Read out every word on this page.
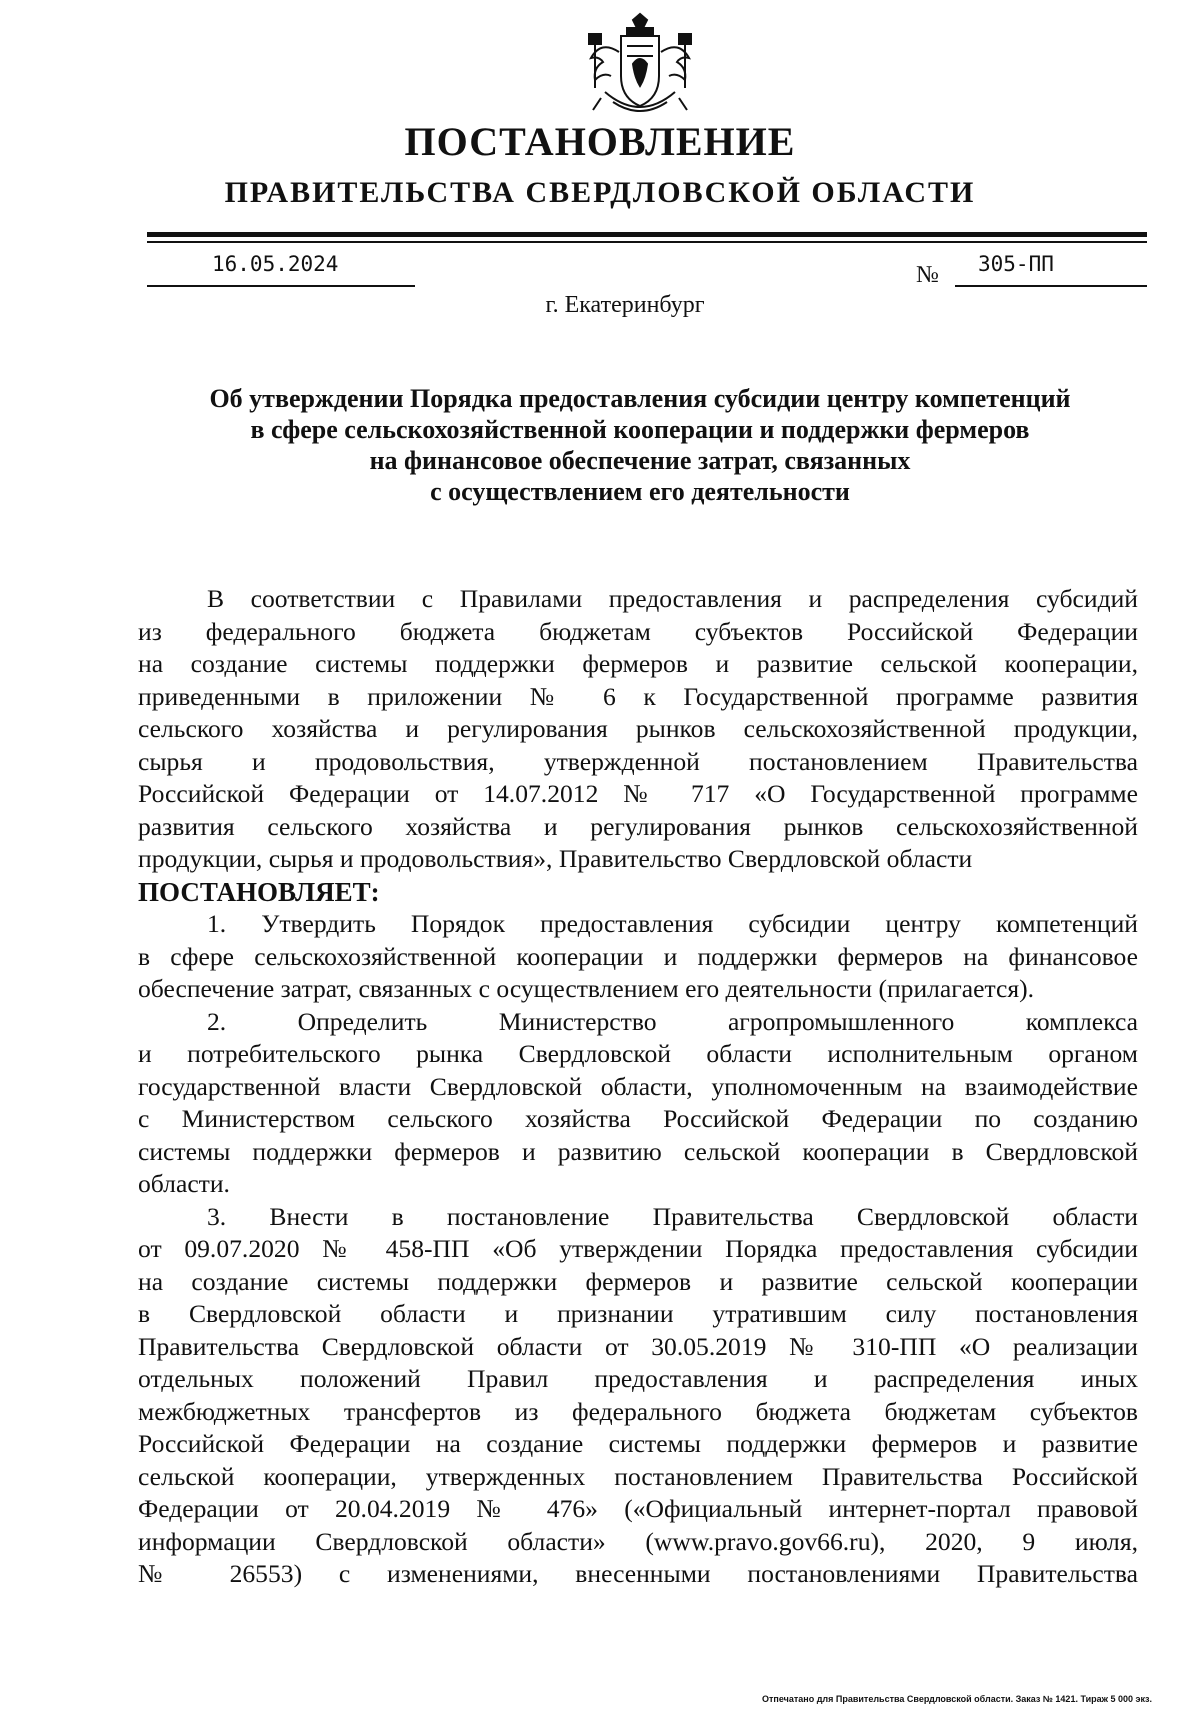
ПОСТАНОВЛЕНИЕ
ПРАВИТЕЛЬСТВА СВЕРДЛОВСКОЙ ОБЛАСТИ
16.05.2024	№ 305-ПП
г. Екатеринбург
Об утверждении Порядка предоставления субсидии центру компетенций
в сфере сельскохозяйственной кооперации и поддержки фермеров
на финансовое обеспечение затрат, связанных
с осуществлением его деятельности
В соответствии с Правилами предоставления и распределения субсидий
из федерального бюджета бюджетам субъектов Российской Федерации
на создание системы поддержки фермеров и развитие сельской кооперации,
приведенными в приложении № 6 к Государственной программе развития
сельского хозяйства и регулирования рынков сельскохозяйственной продукции,
сырья и продовольствия, утвержденной постановлением Правительства
Российской Федерации от 14.07.2012 № 717 «О Государственной программе
развития сельского хозяйства и регулирования рынков сельскохозяйственной
продукции, сырья и продовольствия», Правительство Свердловской области
ПОСТАНОВЛЯЕТ:
1. Утвердить Порядок предоставления субсидии центру компетенций
в сфере сельскохозяйственной кооперации и поддержки фермеров на финансовое
обеспечение затрат, связанных с осуществлением его деятельности (прилагается).
2. Определить Министерство агропромышленного комплекса
и потребительского рынка Свердловской области исполнительным органом
государственной власти Свердловской области, уполномоченным на взаимодействие
с Министерством сельского хозяйства Российской Федерации по созданию
системы поддержки фермеров и развитию сельской кооперации в Свердловской
области.
3. Внести в постановление Правительства Свердловской области
от 09.07.2020 № 458-ПП «Об утверждении Порядка предоставления субсидии
на создание системы поддержки фермеров и развитие сельской кооперации
в Свердловской области и признании утратившим силу постановления
Правительства Свердловской области от 30.05.2019 № 310-ПП «О реализации
отдельных положений Правил предоставления и распределения иных
межбюджетных трансфертов из федерального бюджета бюджетам субъектов
Российской Федерации на создание системы поддержки фермеров и развитие
сельской кооперации, утвержденных постановлением Правительства Российской
Федерации от 20.04.2019 № 476» («Официальный интернет-портал правовой
информации Свердловской области» (www.pravo.gov66.ru), 2020, 9 июля,
№ 26553) с изменениями, внесенными постановлениями Правительства
Отпечатано для Правительства Свердловской области. Заказ № 1421. Тираж 5 000 экз.
